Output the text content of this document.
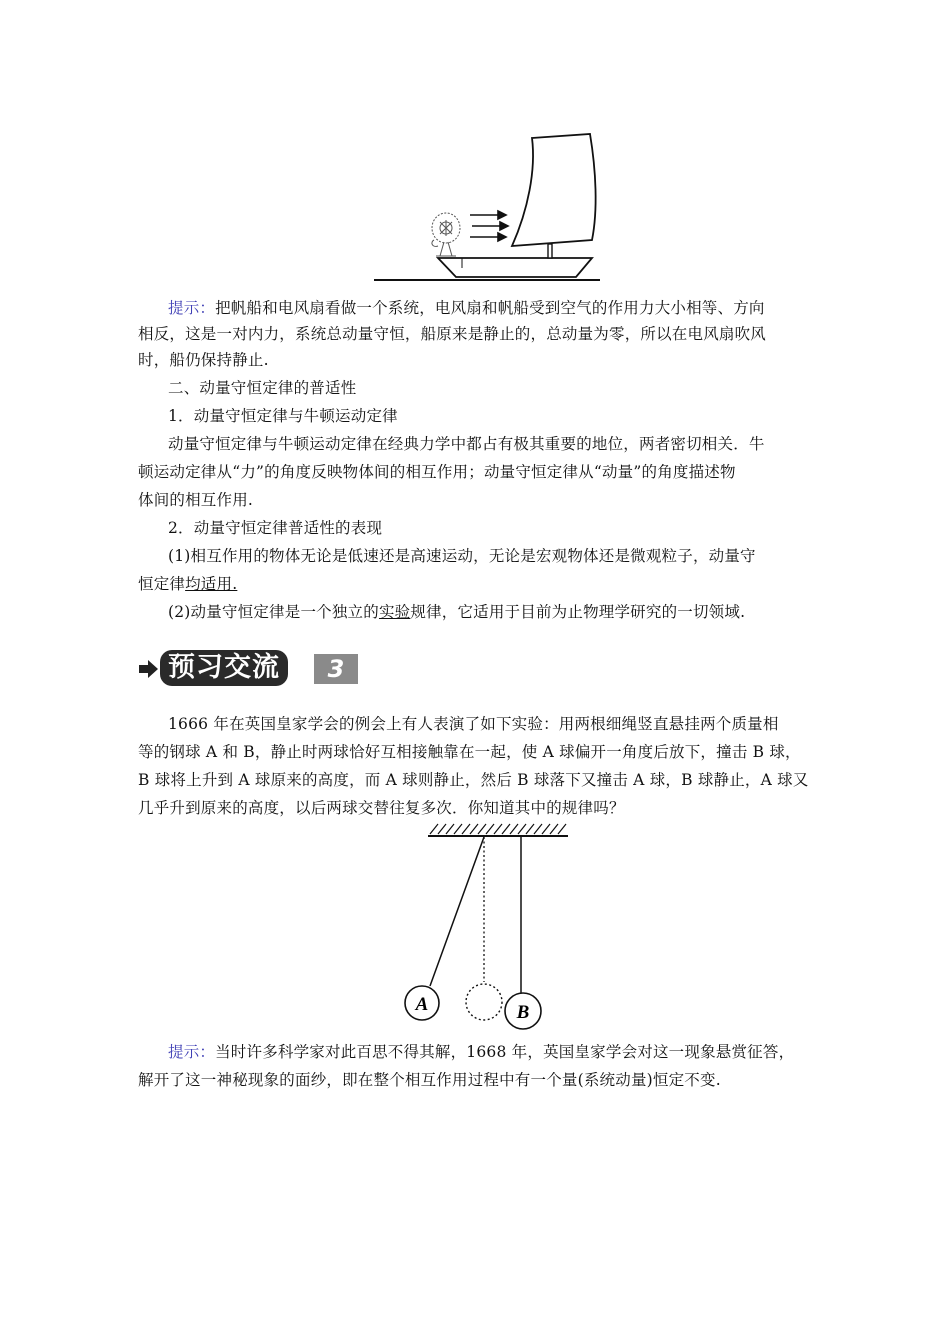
提示：把帆船和电风扇看做一个系统，电风扇和帆船受到空气的作用力大小相等、方向
相反，这是一对内力，系统总动量守恒，船原来是静止的，总动量为零，所以在电风扇吹风
时，船仍保持静止.
二、动量守恒定律的普适性
1．动量守恒定律与牛顿运动定律
动量守恒定律与牛顿运动定律在经典力学中都占有极其重要的地位，两者密切相关．牛
顿运动定律从“力”的角度反映物体间的相互作用；动量守恒定律从“动量”的角度描述物
体间的相互作用.
2．动量守恒定律普适性的表现
(1)相互作用的物体无论是低速还是高速运动，无论是宏观物体还是微观粒子，动量守
恒定律均适用.
(2)动量守恒定律是一个独立的实验规律，它适用于目前为止物理学研究的一切领域.
预习交流	3
1666 年在英国皇家学会的例会上有人表演了如下实验：用两根细绳竖直悬挂两个质量相
等的钢球 A 和 B，静止时两球恰好互相接触靠在一起，使 A 球偏开一角度后放下，撞击 B 球，
B 球将上升到 A 球原来的高度，而 A 球则静止，然后 B 球落下又撞击 A 球，B 球静止，A 球又
几乎升到原来的高度，以后两球交替往复多次．你知道其中的规律吗？
A	B
提示：当时许多科学家对此百思不得其解，1668 年，英国皇家学会对这一现象悬赏征答，
解开了这一神秘现象的面纱，即在整个相互作用过程中有一个量(系统动量)恒定不变.
